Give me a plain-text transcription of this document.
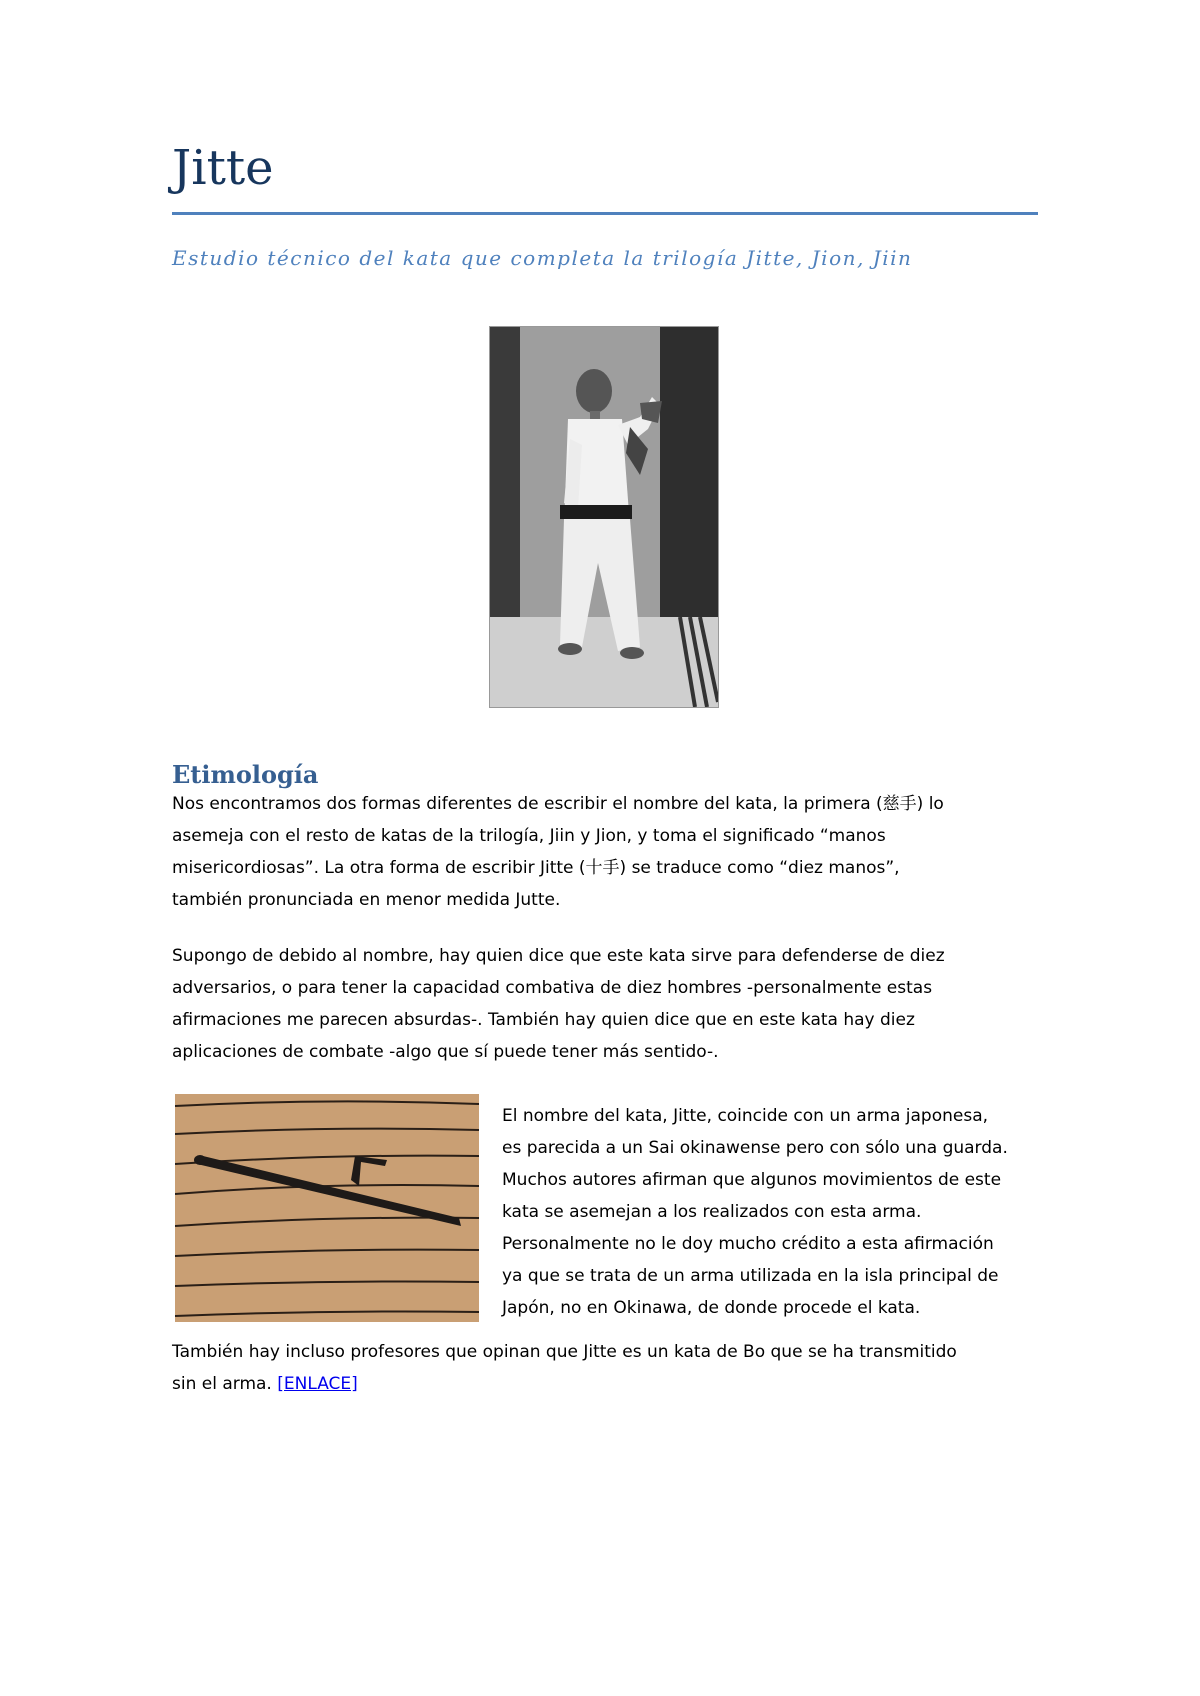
Jitte
Estudio técnico del kata que completa la trilogía Jitte, Jion, Jiin
Etimología

Nos encontramos dos formas diferentes de escribir el nombre del kata, la primera (慈手) lo
asemeja con el resto de katas de la trilogía, Jiin y Jion, y toma el significado “manos
misericordiosas”. La otra forma de escribir Jitte (十手) se traduce como “diez manos”,
también pronunciada en menor medida Jutte.

Supongo de debido al nombre, hay quien dice que este kata sirve para defenderse de diez
adversarios, o para tener la capacidad combativa de diez hombres -personalmente estas
afirmaciones me parecen absurdas-. También hay quien dice que en este kata hay diez
aplicaciones de combate -algo que sí puede tener más sentido-.

El nombre del kata, Jitte, coincide con un arma japonesa,
es parecida a un Sai okinawense pero con sólo una guarda.
Muchos autores afirman que algunos movimientos de este
kata se asemejan a los realizados con esta arma.
Personalmente no le doy mucho crédito a esta afirmación
ya que se trata de un arma utilizada en la isla principal de
Japón, no en Okinawa, de donde procede el kata.

También hay incluso profesores que opinan que Jitte es un kata de Bo que se ha transmitido
sin el arma. [ENLACE]
